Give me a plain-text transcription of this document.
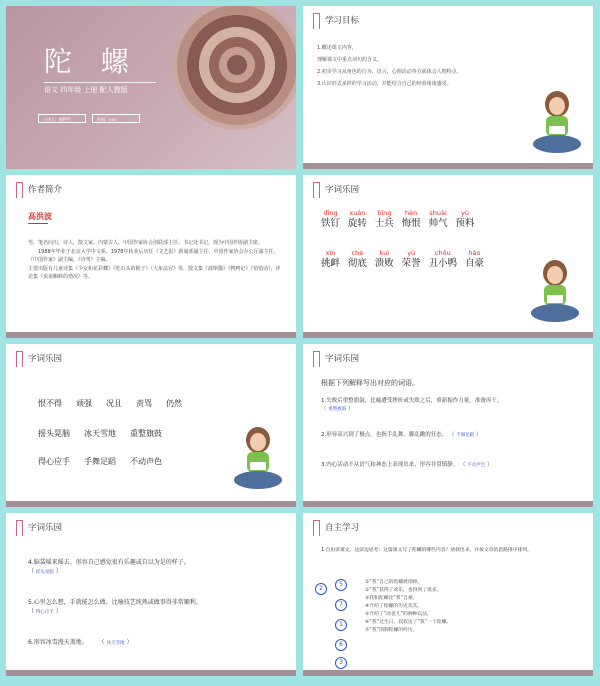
陀 螺
语文 四年级 上册 配人教版
主讲人：酷PPT	时间：xxx
学习目标
1.概述课文内容，
理解课文中重点词句的含义。
2.初步学习从角色的行为、语言、心理活动等方面体会人物特点。
3.认识形式多样的学习活动，并能结合自己的经验谈谈感受。
作者简介
高洪波
男，笔名向川，诗人，散文家。内蒙古人。中国作家协会创联部主任、书记处书记，现为中国作协副主席。
1988年毕业于北京大学中文系。1978年转业后历任《文艺报》新闻部副主任，中国作家协会办公厅副主任，《中国作家》副主编，《诗刊》主编。
主要出版有儿童诗集《少女和花彩蝶》《吃石头的猴子》《大象法官》等，散文集《波斯猫》《鸭鸭记》《悄悄话》，评论集《说说蝌蚪的情况》等。
字词乐园
dīng
铁钉

xuán
旋转

bīng
士兵

hèn
悔恨

shuài
帅气

yù
预料
xìn
挑衅

chè
彻底

kuì
溃败

yù
荣誉

chǒu
丑小鸭

háo
自豪
字词乐园
恨不得 顽强 况且 责骂 仍然
摇头晃脑 冰天雪地 重整旗鼓
得心应手 手舞足蹈 不动声色
字词乐园
根据下列解释写出对应的词语。
1.失败后重整旗鼓，比喻遭受挫折或失败之后，重新振作力量，准备再干。
（ 重整旗鼓 ）
2.形容高兴到了极点，也指手乱舞、脚乱跳的狂态。 （ 手舞足蹈 ）
3.内心活动不从语气和神态上表现出来，形容非常镇静。 （ 不动声色 ）
字词乐园
4.脑袋摇来摇去。形容自己感觉很有乐趣或自以为是的样子。
（ 摇头晃脑 ）
5.心里怎么想，手就能怎么做。比喻技艺纯熟或做事得非常顺利。
（ 得心应手 ）
6.形容冰雪漫天盖地。 　　（ 冰天雪地 ）
自主学习
1.自由读课文，边读边思考：这篇课文写了陀螺的哪些内容？请找出来，并按文章的思路排序排列。
2
5
7
1
6
3
①“我”自己的陀螺被削掉。
②“我”获得了欢乐，也得到了很多。
③我和陀螺比“我”自豪。
④介绍了陀螺的历史及其。
⑤介绍了“冰爸儿”的种种玩法。
⑥“我”过生日，叔叔送了“我”一个陀螺。
⑦“我”削制陀螺的经历。
